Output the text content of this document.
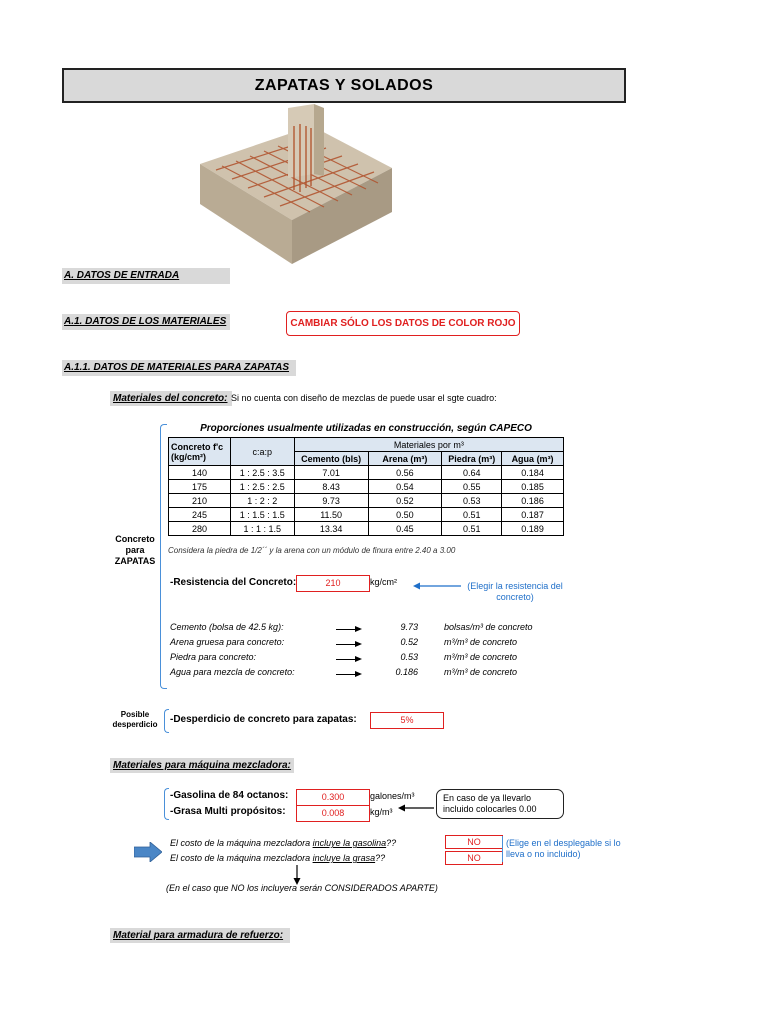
ZAPATAS Y SOLADOS
A. DATOS DE ENTRADA
A.1. DATOS DE LOS MATERIALES	CAMBIAR SÓLO LOS DATOS DE COLOR ROJO
A.1.1. DATOS DE MATERIALES PARA ZAPATAS
Materiales del concreto: Si no cuenta con diseño de mezclas de puede usar el sgte cuadro:
Concreto
para
ZAPATAS
Proporciones usualmente utilizadas en construcción, según CAPECO
Concreto f'c (kg/cm²)	c:a:p	Materiales por m³			
		Cemento (bls)	Arena (m³)	Piedra (m³)	Agua (m³)
140	1 : 2.5 : 3.5	7.01	0.56	0.64	0.184
175	1 : 2.5 : 2.5	8.43	0.54	0.55	0.185
210	1 : 2 : 2	9.73	0.52	0.53	0.186
245	1 : 1.5 : 1.5	11.50	0.50	0.51	0.187
280	1 : 1 : 1.5	13.34	0.45	0.51	0.189
Considera la piedra de 1/2´´ y la arena con un módulo de finura entre 2.40 a 3.00
-Resistencia del Concreto:	210	kg/cm²	(Elegir la resistencia del concreto)
Cemento (bolsa de 42.5 kg):	9.73	bolsas/m³ de concreto
Arena gruesa para concreto:	0.52	m³/m³ de concreto
Piedra para concreto:	0.53	m³/m³ de concreto
Agua para mezcla de concreto:	0.186	m³/m³ de concreto
Posible
desperdicio	-Desperdicio de concreto para zapatas:	5%
Materiales para máquina mezcladora:
-Gasolina de 84 octanos:	0.300	galones/m³
-Grasa Multi propósitos:	0.008	kg/m³
En caso de ya llevarlo incluido colocarles 0.00
El costo de la máquina mezcladora incluye la gasolina??	NO
El costo de la máquina mezcladora incluye la grasa??	NO
(Elige en el desplegable si lo lleva o no incluido)
(En el caso que NO los incluyera serán CONSIDERADOS APARTE)
Material para armadura de refuerzo:
